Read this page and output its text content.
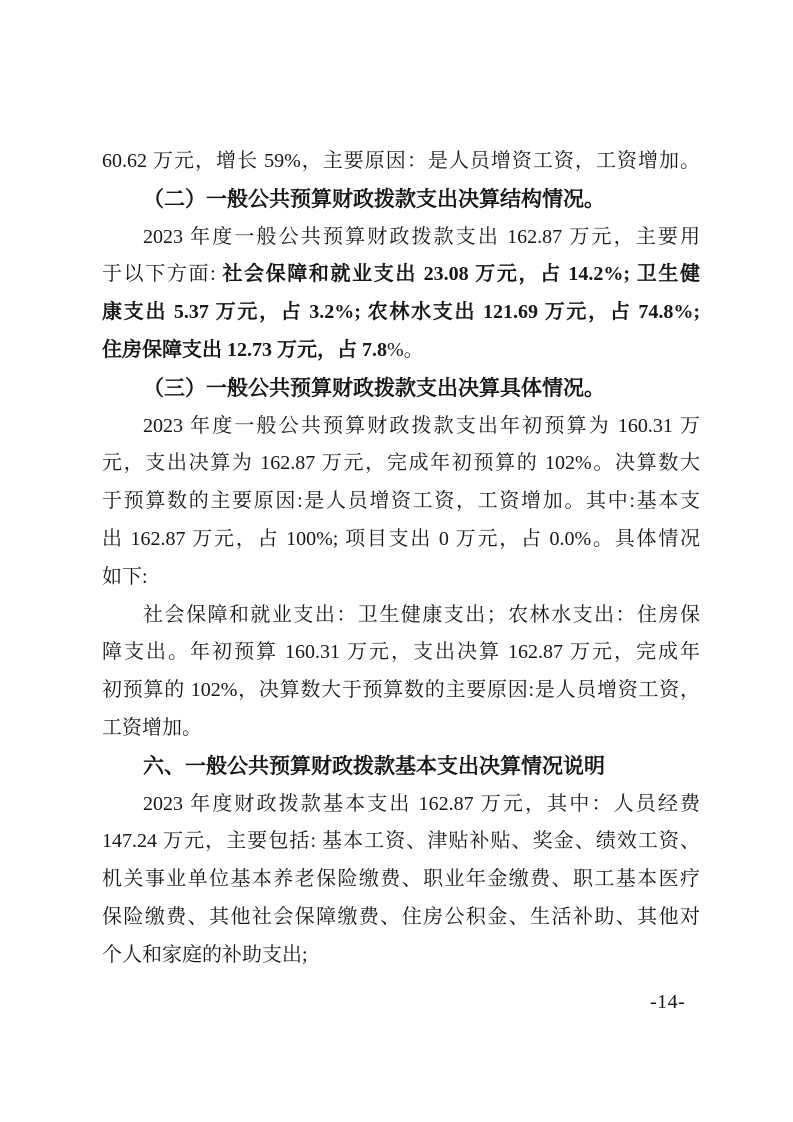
60.62 万元，增长 59%，主要原因：是人员增资工资，工资增加。
（二）一般公共预算财政拨款支出决算结构情况。
2023 年度一般公共预算财政拨款支出 162.87 万元，主要用
于以下方面: 社会保障和就业支出 23.08 万元，占 14.2%; 卫生健
康支出 5.37 万元，占 3.2%; 农林水支出 121.69 万元，占 74.8%;
住房保障支出 12.73 万元，占 7.8%。
（三）一般公共预算财政拨款支出决算具体情况。
2023 年度一般公共预算财政拨款支出年初预算为 160.31 万
元，支出决算为 162.87 万元，完成年初预算的 102%。决算数大
于预算数的主要原因:是人员增资工资，工资增加。其中:基本支
出 162.87 万元，占 100%; 项目支出 0 万元，占 0.0%。具体情况
如下:
社会保障和就业支出：卫生健康支出；农林水支出：住房保
障支出。年初预算 160.31 万元，支出决算 162.87 万元，完成年
初预算的 102%，决算数大于预算数的主要原因:是人员增资工资，
工资增加。
六、一般公共预算财政拨款基本支出决算情况说明
2023 年度财政拨款基本支出 162.87 万元，其中：人员经费
147.24 万元，主要包括: 基本工资、津贴补贴、奖金、绩效工资、
机关事业单位基本养老保险缴费、职业年金缴费、职工基本医疗
保险缴费、其他社会保障缴费、住房公积金、生活补助、其他对
个人和家庭的补助支出;
-14-
